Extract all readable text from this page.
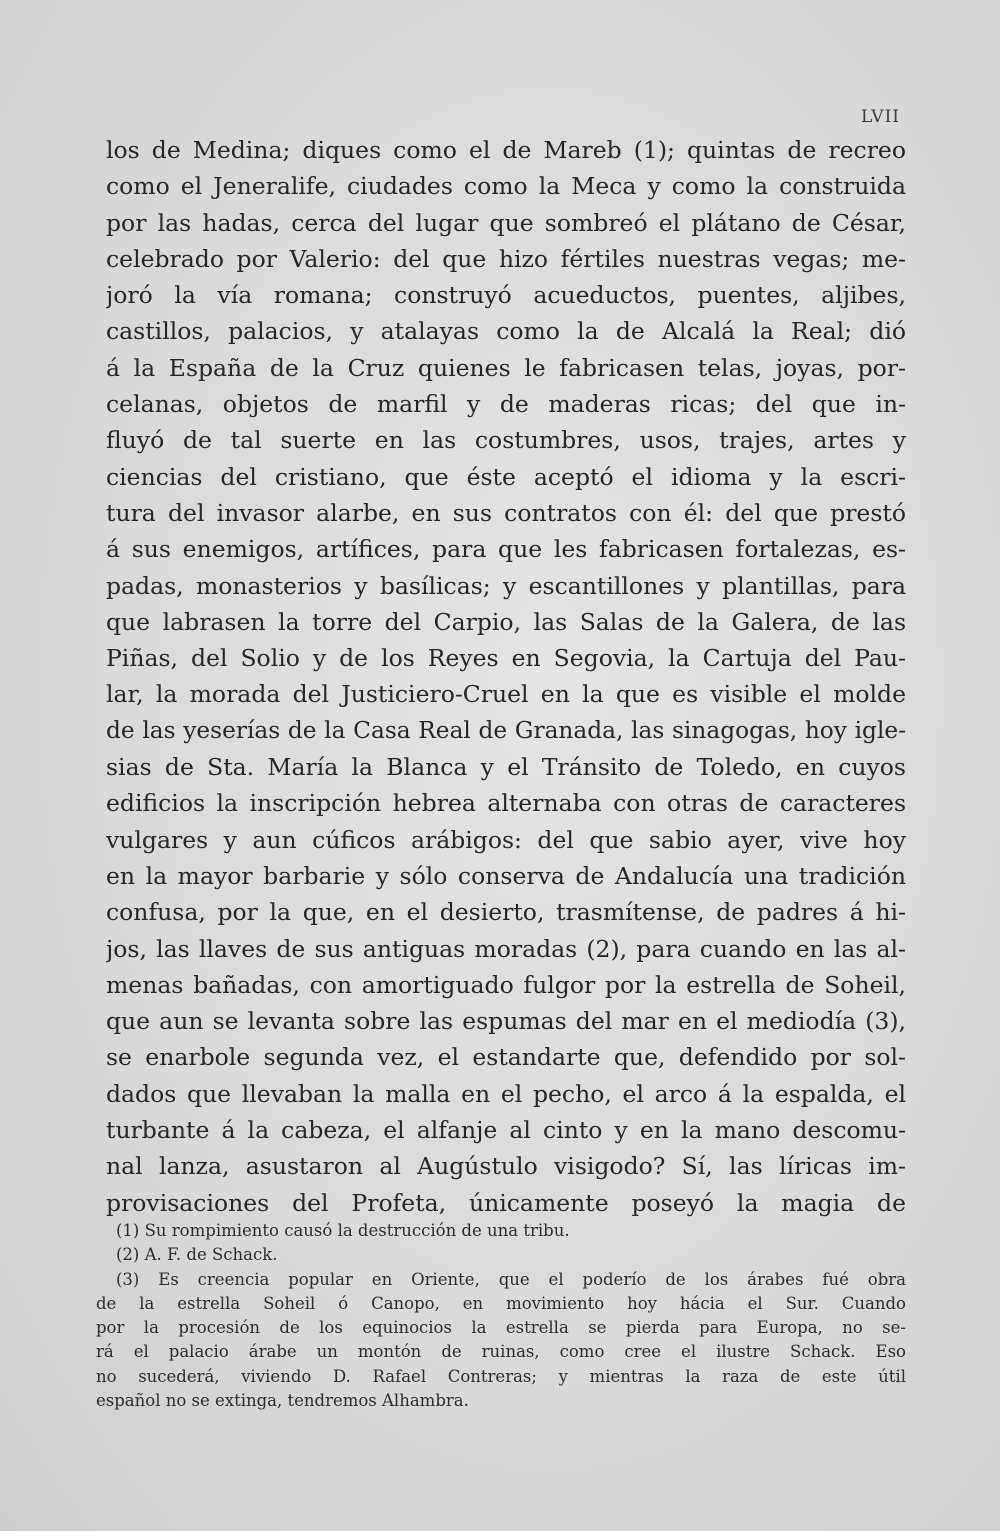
LVII
los de Medina; diques como el de Mareb (1); quintas de recreo
como el Jeneralife, ciudades como la Meca y como la construida
por las hadas, cerca del lugar que sombreó el plátano de César,
celebrado por Valerio: del que hizo fértiles nuestras vegas; me-
joró la vía romana; construyó acueductos, puentes, aljibes,
castillos, palacios, y atalayas como la de Alcalá la Real; dió
á la España de la Cruz quienes le fabricasen telas, joyas, por-
celanas, objetos de marfil y de maderas ricas; del que in-
fluyó de tal suerte en las costumbres, usos, trajes, artes y
ciencias del cristiano, que éste aceptó el idioma y la escri-
tura del invasor alarbe, en sus contratos con él: del que prestó
á sus enemigos, artífices, para que les fabricasen fortalezas, es-
padas, monasterios y basílicas; y escantillones y plantillas, para
que labrasen la torre del Carpio, las Salas de la Galera, de las
Piñas, del Solio y de los Reyes en Segovia, la Cartuja del Pau-
lar, la morada del Justiciero-Cruel en la que es visible el molde
de las yeserías de la Casa Real de Granada, las sinagogas, hoy igle-
sias de Sta. María la Blanca y el Tránsito de Toledo, en cuyos
edificios la inscripción hebrea alternaba con otras de caracteres
vulgares y aun cúficos arábigos: del que sabio ayer, vive hoy
en la mayor barbarie y sólo conserva de Andalucía una tradición
confusa, por la que, en el desierto, trasmítense, de padres á hi-
jos, las llaves de sus antiguas moradas (2), para cuando en las al-
menas bañadas, con amortiguado fulgor por la estrella de Soheil,
que aun se levanta sobre las espumas del mar en el mediodía (3),
se enarbole segunda vez, el estandarte que, defendido por sol-
dados que llevaban la malla en el pecho, el arco á la espalda, el
turbante á la cabeza, el alfanje al cinto y en la mano descomu-
nal lanza, asustaron al Augústulo visigodo? Sí, las líricas im-
provisaciones del Profeta, únicamente poseyó la magia de
(1) Su rompimiento causó la destrucción de una tribu.
(2) A. F. de Schack.
(3) Es creencia popular en Oriente, que el poderío de los árabes fué obra
de la estrella Soheil ó Canopo, en movimiento hoy hácia el Sur. Cuando
por la procesión de los equinocios la estrella se pierda para Europa, no se-
rá el palacio árabe un montón de ruinas, como cree el ilustre Schack. Eso
no sucederá, viviendo D. Rafael Contreras; y mientras la raza de este útil
español no se extinga, tendremos Alhambra.
